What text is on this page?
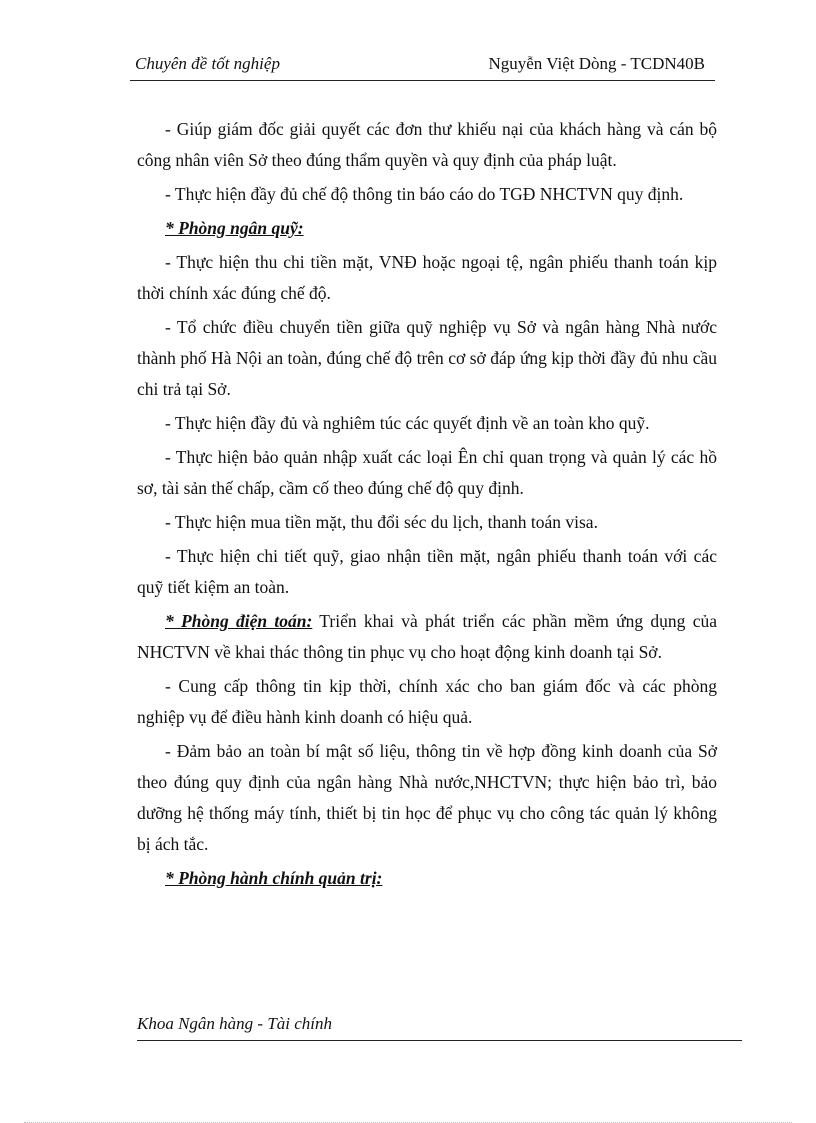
Chuyên đề tốt nghiệp	Nguyễn Việt Dòng - TCDN40B

- Giúp giám đốc giải quyết các đơn thư khiếu nại của khách hàng và cán bộ công nhân viên Sở theo đúng thẩm quyền và quy định của pháp luật.

- Thực hiện đầy đủ chế độ thông tin báo cáo do TGĐ NHCTVN quy định.

* Phòng ngân quỹ:

- Thực hiện thu chi tiền mặt, VNĐ hoặc ngoại tệ, ngân phiếu thanh toán kịp thời chính xác đúng chế độ.

- Tổ chức điều chuyển tiền giữa quỹ nghiệp vụ Sở và ngân hàng Nhà nước thành phố Hà Nội an toàn, đúng chế độ trên cơ sở đáp ứng kịp thời đầy đủ nhu cầu chi trả tại Sở.

- Thực hiện đầy đủ và nghiêm túc các quyết định về an toàn kho quỹ.

- Thực hiện bảo quản nhập xuất các loại Ên chỉ quan trọng và quản lý các hồ sơ, tài sản thế chấp, cầm cố theo đúng chế độ quy định.

- Thực hiện mua tiền mặt, thu đổi séc du lịch, thanh toán visa.

- Thực hiện chi tiết quỹ, giao nhận tiền mặt, ngân phiếu thanh toán với các quỹ tiết kiệm an toàn.

* Phòng điện toán: Triển khai và phát triển các phần mềm ứng dụng của NHCTVN về khai thác thông tin phục vụ cho hoạt động kinh doanh tại Sở.

- Cung cấp thông tin kịp thời, chính xác cho ban giám đốc và các phòng nghiệp vụ để điều hành kinh doanh có hiệu quả.

- Đảm bảo an toàn bí mật số liệu, thông tin về hợp đồng kinh doanh của Sở theo đúng quy định của ngân hàng Nhà nước,NHCTVN; thực hiện bảo trì, bảo dưỡng hệ thống máy tính, thiết bị tin học để phục vụ cho công tác quản lý không bị ách tắc.

* Phòng hành chính quản trị:

Khoa Ngân hàng - Tài chính
